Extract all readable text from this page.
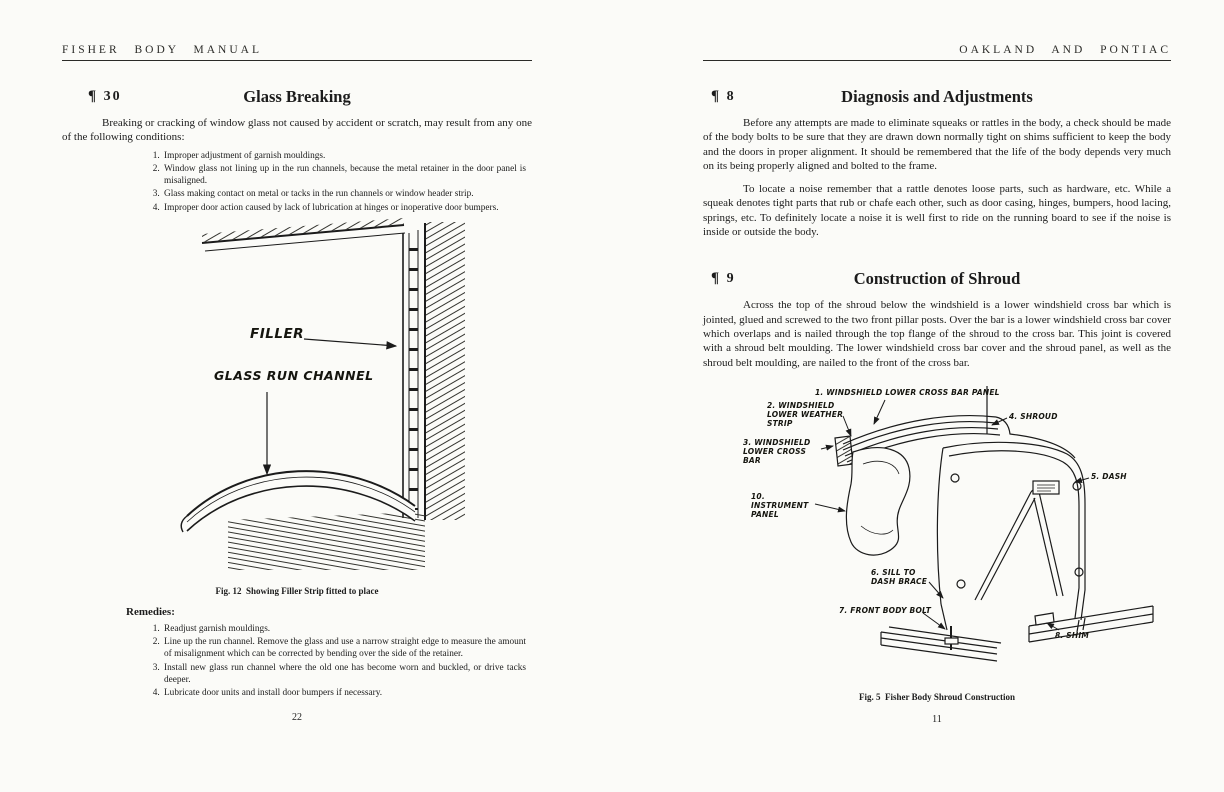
FISHER BODY MANUAL
¶ 30	Glass Breaking

Breaking or cracking of window glass not caused by accident or scratch, may result from any one of the following conditions:

1. Improper adjustment of garnish mouldings.
2. Window glass not lining up in the run channels, because the metal retainer in the door panel is misaligned.
3. Glass making contact on metal or tacks in the run channels or window header strip.
4. Improper door action caused by lack of lubrication at hinges or inoperative door bumpers.
FILLER
GLASS RUN CHANNEL
Fig. 12  Showing Filler Strip fitted to place
Remedies:
1. Readjust garnish mouldings.
2. Line up the run channel. Remove the glass and use a narrow straight edge to measure the amount of misalignment which can be corrected by bending over the side of the retainer.
3. Install new glass run channel where the old one has become worn and buckled, or drive tacks deeper.
4. Lubricate door units and install door bumpers if necessary.
22
OAKLAND AND PONTIAC
¶ 8	Diagnosis and Adjustments

Before any attempts are made to eliminate squeaks or rattles in the body, a check should be made of the body bolts to be sure that they are drawn down normally tight on shims sufficient to keep the body and the doors in proper alignment. It should be remembered that the life of the body depends very much on its being properly aligned and bolted to the frame.

To locate a noise remember that a rattle denotes loose parts, such as hardware, etc. While a squeak denotes tight parts that rub or chafe each other, such as door casing, hinges, bumpers, hood lacing, springs, etc. To definitely locate a noise it is well first to ride on the running board to see if the noise is inside or outside the body.

¶ 9	Construction of Shroud

Across the top of the shroud below the windshield is a lower windshield cross bar which is jointed, glued and screwed to the two front pillar posts. Over the bar is a lower windshield cross bar cover which overlaps and is nailed through the top flange of the shroud to the cross bar. This joint is covered with a shroud belt moulding. The lower windshield cross bar cover and the shroud panel, as well as the shroud belt moulding, are nailed to the front of the cross bar.

1. WINDSHIELD LOWER CROSS BAR PANEL
2. WINDSHIELD LOWER WEATHER STRIP
3. WINDSHIELD LOWER CROSS BAR
4. SHROUD
5. DASH
10. INSTRUMENT PANEL
6. SILL TO DASH BRACE
7. FRONT BODY BOLT
8. SHIM
Fig. 5  Fisher Body Shroud Construction
11
